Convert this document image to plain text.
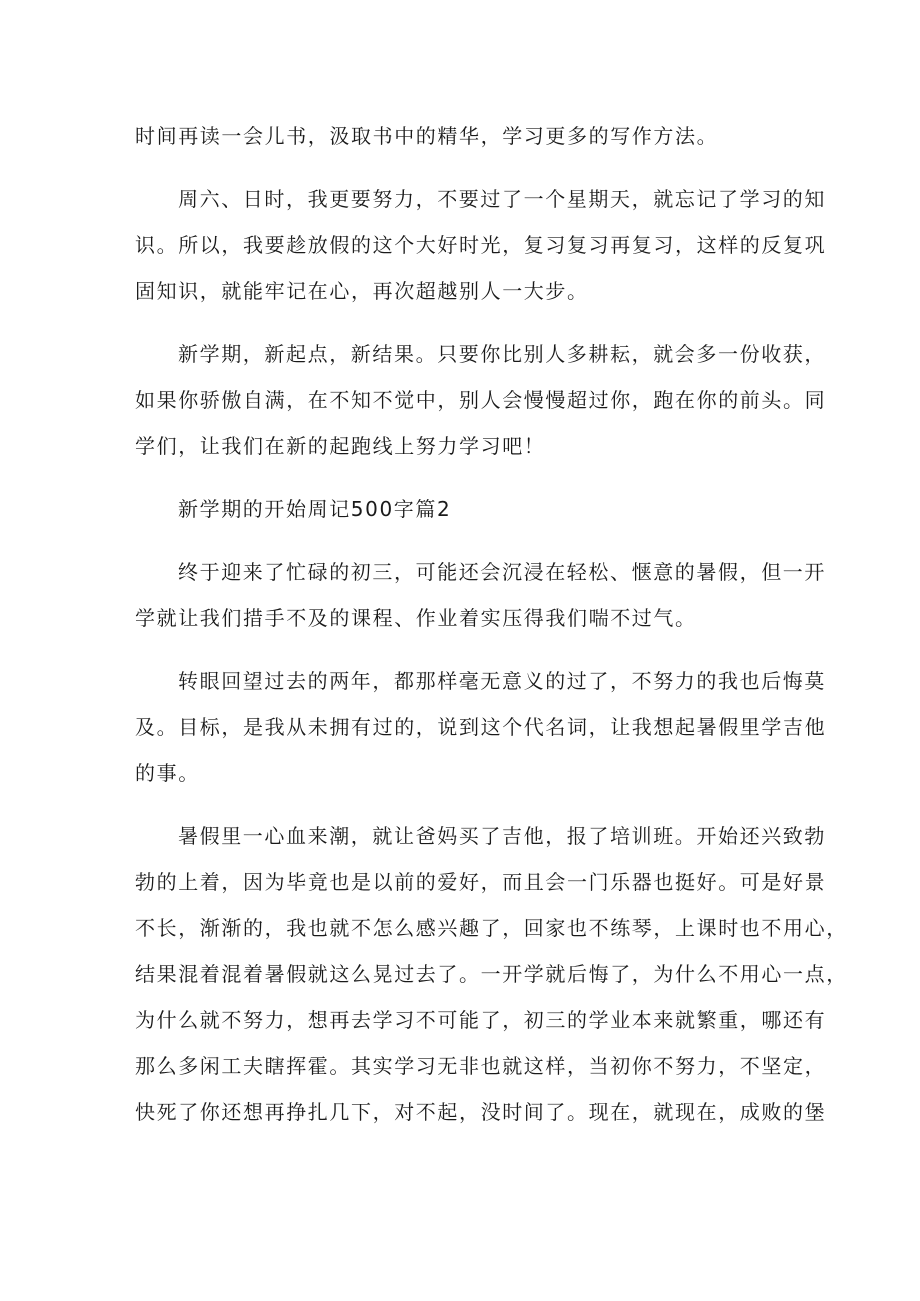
时间再读一会儿书，汲取书中的精华，学习更多的写作方法。
周六、日时，我更要努力，不要过了一个星期天，就忘记了学习的知
识。所以，我要趁放假的这个大好时光，复习复习再复习，这样的反复巩
固知识，就能牢记在心，再次超越别人一大步。
新学期，新起点，新结果。只要你比别人多耕耘，就会多一份收获，
如果你骄傲自满，在不知不觉中，别人会慢慢超过你，跑在你的前头。同
学们，让我们在新的起跑线上努力学习吧！
新学期的开始周记500字篇2
终于迎来了忙碌的初三，可能还会沉浸在轻松、惬意的暑假，但一开
学就让我们措手不及的课程、作业着实压得我们喘不过气。
转眼回望过去的两年，都那样毫无意义的过了，不努力的我也后悔莫
及。目标，是我从未拥有过的，说到这个代名词，让我想起暑假里学吉他
的事。
暑假里一心血来潮，就让爸妈买了吉他，报了培训班。开始还兴致勃
勃的上着，因为毕竟也是以前的爱好，而且会一门乐器也挺好。可是好景
不长，渐渐的，我也就不怎么感兴趣了，回家也不练琴，上课时也不用心，
结果混着混着暑假就这么晃过去了。一开学就后悔了，为什么不用心一点，
为什么就不努力，想再去学习不可能了，初三的学业本来就繁重，哪还有
那么多闲工夫瞎挥霍。其实学习无非也就这样，当初你不努力，不坚定，
快死了你还想再挣扎几下，对不起，没时间了。现在，就现在，成败的堡
